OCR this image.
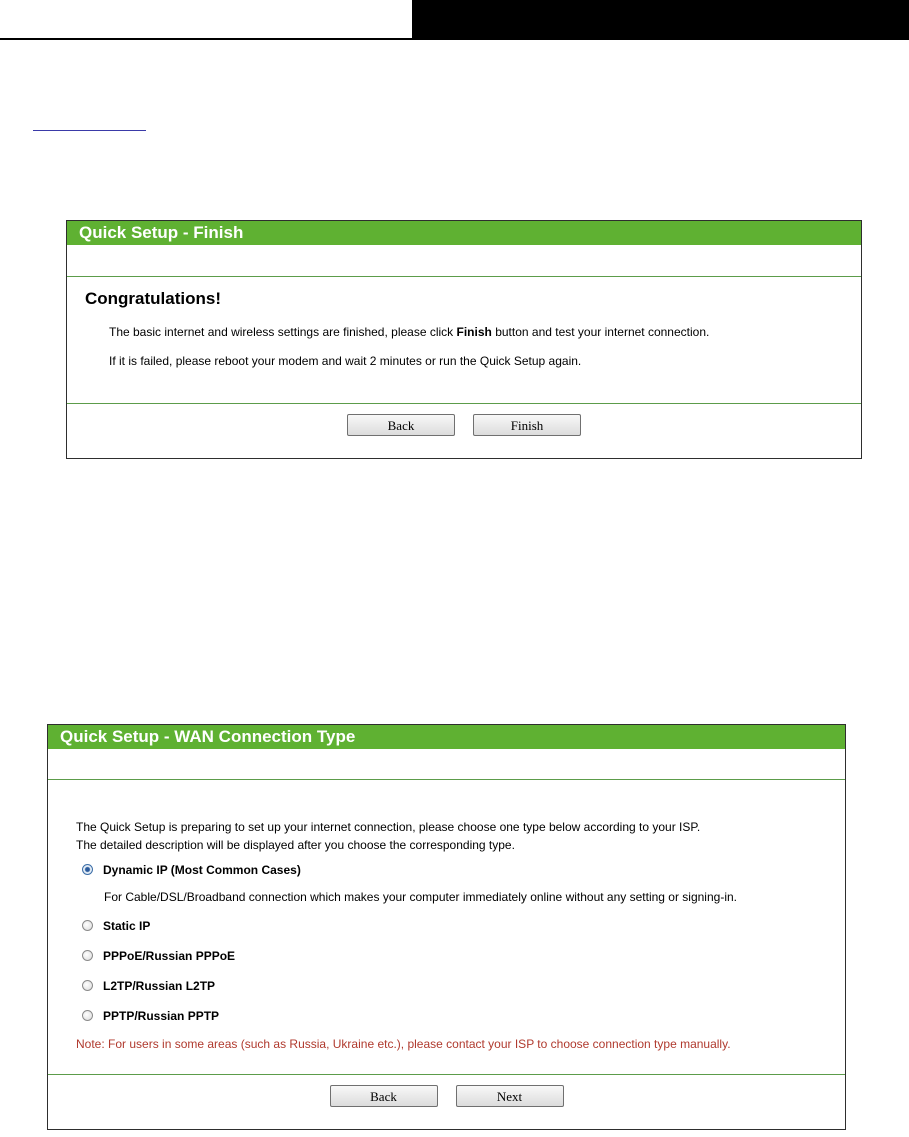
Quick Setup - Finish
Congratulations!
The basic internet and wireless settings are finished, please click Finish button and test your internet connection.
If it is failed, please reboot your modem and wait 2 minutes or run the Quick Setup again.
Back	Finish
Quick Setup - WAN Connection Type
The Quick Setup is preparing to set up your internet connection, please choose one type below according to your ISP.
The detailed description will be displayed after you choose the corresponding type.
Dynamic IP (Most Common Cases)
For Cable/DSL/Broadband connection which makes your computer immediately online without any setting or signing-in.
Static IP
PPPoE/Russian PPPoE
L2TP/Russian L2TP
PPTP/Russian PPTP
Note: For users in some areas (such as Russia, Ukraine etc.), please contact your ISP to choose connection type manually.
Back	Next
